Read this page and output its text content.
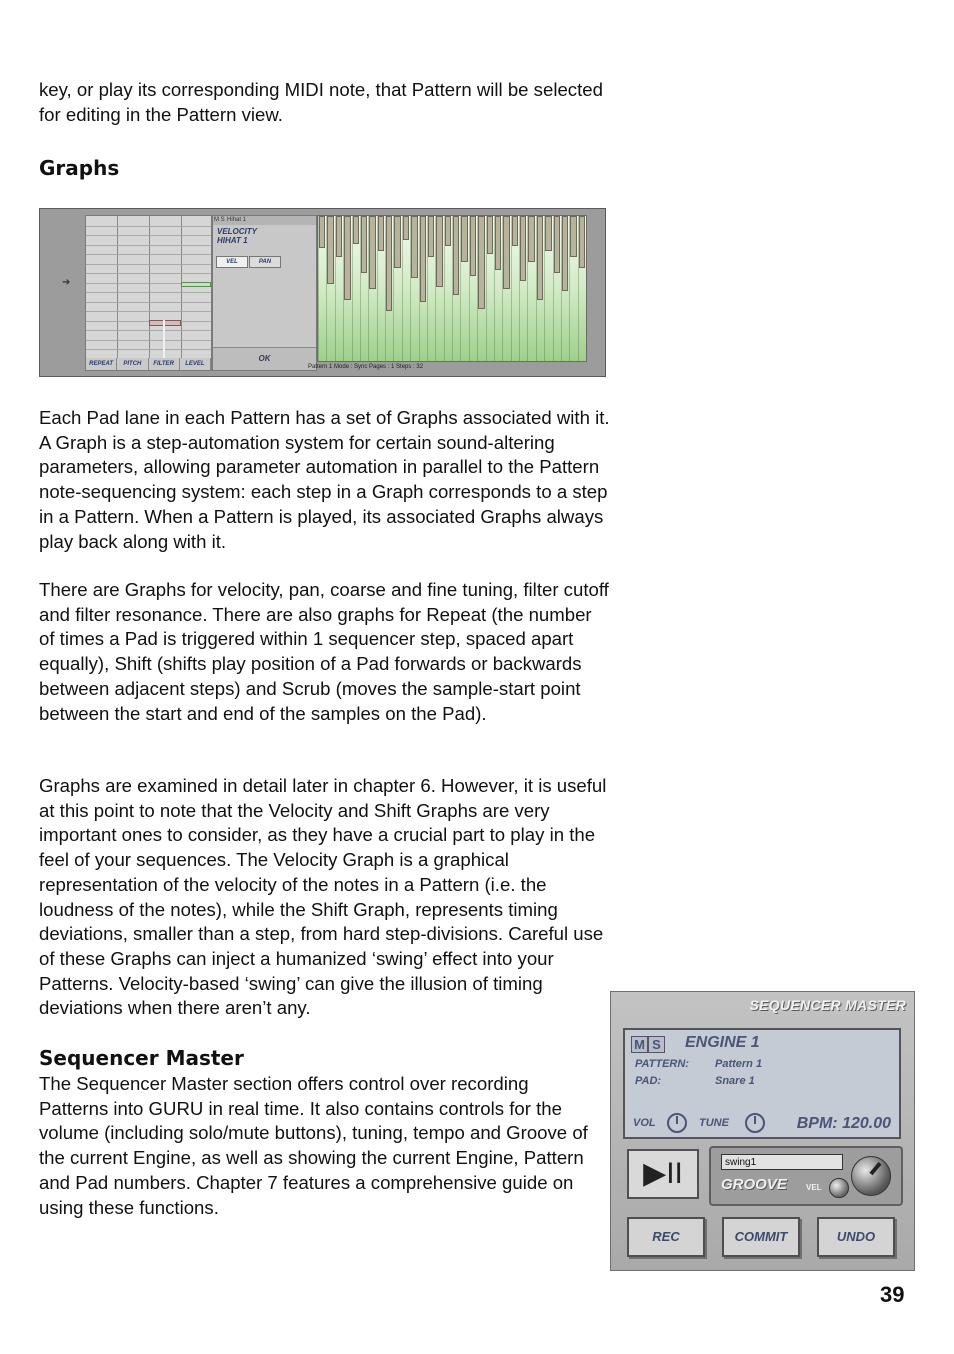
key, or play its corresponding MIDI note, that Pattern will be selected for editing in the Pattern view.

Graphs
➔
REPEAT	PITCH	FILTER	LEVEL
M S Hihat 1
VELOCITY
HIHAT 1
VEL	PAN
OK
Pattern 1 Mode : Sync Pages : 1 Steps : 32

Each Pad lane in each Pattern has a set of Graphs associated with it. A Graph is a step-automation system for certain sound-altering parameters, allowing parameter automation in parallel to the Pattern note-sequencing system: each step in a Graph corresponds to a step in a Pattern. When a Pattern is played, its associated Graphs always play back along with it.

There are Graphs for velocity, pan, coarse and fine tuning, filter cutoff and filter resonance. There are also graphs for Repeat (the number of times a Pad is triggered within 1 sequencer step, spaced apart equally), Shift (shifts play position of a Pad forwards or backwards between adjacent steps) and Scrub (moves the sample-start point between the start and end of the samples on the Pad).

Graphs are examined in detail later in chapter 6. However, it is useful at this point to note that the Velocity and Shift Graphs are very important ones to consider, as they have a crucial part to play in the feel of your sequences. The Velocity Graph is a graphical representation of the velocity of the notes in a Pattern (i.e. the loudness of the notes), while the Shift Graph, represents timing deviations, smaller than a step, from hard step-divisions. Careful use of these Graphs can inject a humanized ‘swing’ effect into your Patterns. Velocity-based ‘swing’ can give the illusion of timing deviations when there aren’t any.

Sequencer Master

The Sequencer Master section offers control over recording Patterns into GURU in real time. It also contains controls for the volume (including solo/mute buttons), tuning, tempo and Groove of the current Engine, as well as showing the current Engine, Pattern and Pad numbers. Chapter 7 features a comprehensive guide on using these functions.

SEQUENCER MASTER
M S ENGINE 1
PATTERN: Pattern 1
PAD:	Snare 1
VOL	TUNE	BPM: 120.00
▶II	swing1
GROOVE VEL
REC	COMMIT	UNDO
39
